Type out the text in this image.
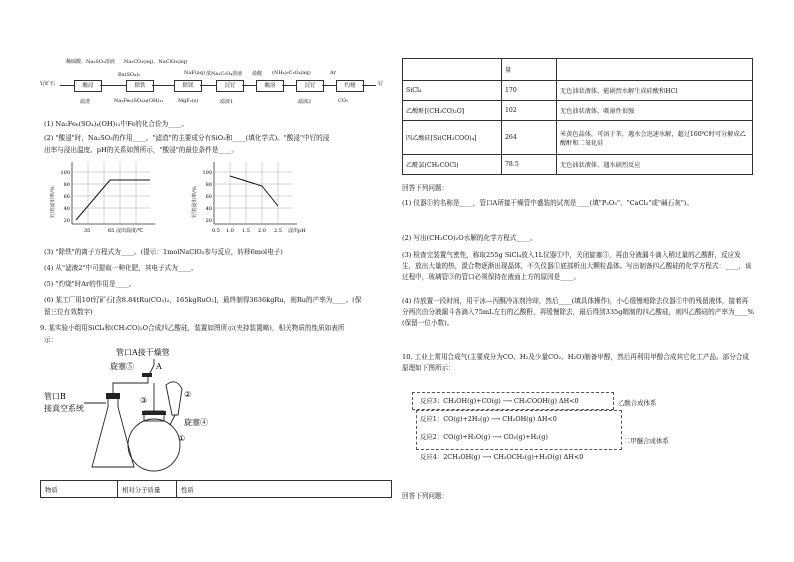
稀硫酸、Na₂SO₃溶液 Na₂CO₃(aq)、NaClO₃(aq)
Ba(SO₄)₂	NaF(aq) 浓Na₂C₂O₄溶液 盐酸 (NH₄)₂C₂O₄(aq)	Ar
钌矿石	酸浸	除铁	除镁	沉钌	酸溶	沉钌	灼烧	钌
滤渣	Na₂Fe₆(SO₄)₄(OH)₁₂	MgF₂(s)	滤液1	滤液2	CO₂
(1) Na₂Fe₆(SO₄)₄(OH)₁₂中Fe的化合价为____。
(2) "酸浸"时，Na₂SO₃的作用____。"滤渣"的主要成分有SiO₂和____(填化学式)。"酸浸"中钌的浸
出率与浸出温度、pH的关系如图所示，"酸浸"的最佳条件是____。
钌的浸出率/%
100
80
60
40
20
35	65 浸出温度/℃
钌的浸出率/%
100
80
60
40
20
0.5 1.0 1.5 2.0 2.5 浸出pH
(3) "除铁"的离子方程式为____。(提示：1molNaClO₃参与反应，转移6mol电子)
(4) 从"滤液2"中可提取一种化肥，其电子式为____。
(5) "灼烧"时Ar的作用是____。
(6) 某工厂用10t钌矿石[含8.84tRu(CO₃)₂，165kgRuO₂]，最终制得3636kgRu，则Ru的产率为____。(保
留三位有效数字)
9. 某实验小组用SiCl₄和(CH₃CO)₂O合成四乙酸硅，装置如图所示(夹持装置略)，相关物质的性质如表所
示：
管口A接干燥管
旋塞⑤	A
管口B
接真空系统
②
③
旋塞④
①
物质	相对分子质量	性质
	量	
SiCl₄	170	无色油状液体，能剧烈水解生成硅酸和HCl
乙酸酐[(CH₃CO)₂O]	102	无色油状液体，吸湿性很强
四乙酸硅[Si(CH₃COO)₄]	264	米黄色晶体，可溶于苯，遇水会迅速水解，超过160℃时可分解成乙酸酐和二氧化硅
乙酰氯(CH₃COCl)	78.5	无色油状液体，遇水剧烈反应
回答下列问题：
(1) 仪器①的名称是____，管口A所接干燥管中盛装的试剂是____(填"P₂O₅"、"CaCl₂"或"碱石灰")。
(2) 写出(CH₃CO)₂O水解的化学方程式____。
(3) 检查完装置气密性，称取255g SiCl₄放入1L仪器①中，关闭旋塞⑤，再由分液漏斗滴入稍过量的乙酸酐，反应发生，放出大量的热，混合物逐渐出现晶体，不久仪器①底部析出大颗粒晶体。写出制备四乙酸硅的化学方程式：____，该过程中，玻璃管③的管口必须保持在液面上方的原因是____。
(4) 待放置一段时间，用干冰—丙酮冷冻剂冷却，然后____(填具体操作)，小心缓慢地除去仪器①中的残留液体，接着再分两次由分液漏斗各滴入75mL左右的乙酸酐，再缓慢除去，最后得到335g精制的四乙酸硅，则四乙酸硅的产率为____%(保留一位小数)。
10. 工业上常用合成气(主要成分为CO、H₂及少量CO₂、H₂O)制备甲醇，然后再利用甲醇合成其它化工产品。部分合成原理如下图所示：
反应3：CH₃OH(g)+CO(g) ⟶ CH₃COOH(g) ΔH<0
反应1：CO(g)+2H₂(g) ⟶ CH₃OH(g) ΔH<0
反应2：CO(g)+H₂O(g) ⟶ CO₂(g)+H₂(g)
反应4：2CH₃OH(g) ⟶ CH₃OCH₃(g)+H₂O(g) ΔH<0
乙酸合成体系
二甲醚合成体系
回答下列问题：
